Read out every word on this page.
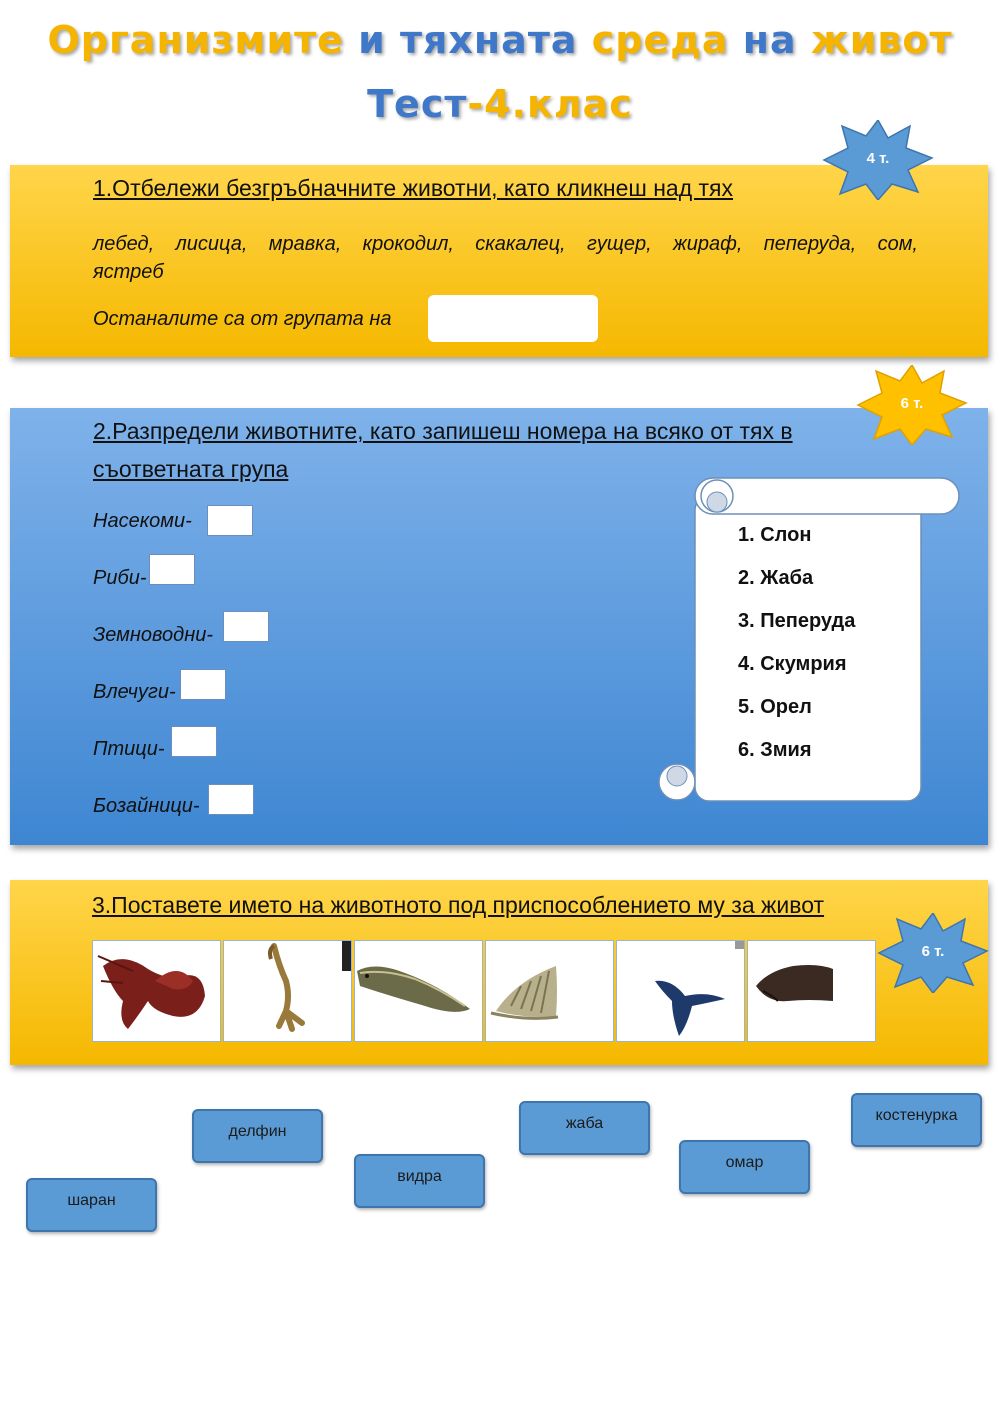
Организмите и тяхната среда на живот
Тест-4.клас
1.Отбележи безгръбначните животни, като кликнеш над тях
лебед, лисица, мравка, крокодил, скакалец, гущер, жираф, пеперуда, сом,
ястреб
Останалите са от групата на
4 т.
2.Разпредели животните, като запишеш номера на всяко от тях в
съответната група
Насекоми-
Риби-
Земноводни-
Влечуги-
Птици-
Бозайници-
1. Слон
2. Жаба
3. Пеперуда
4. Скумрия
5. Орел
6. Змия
6 т.
3.Поставете името на животното под приспособлението му за живот
6 т.
делфин	жаба	костенурка
видра
омар
шаран
